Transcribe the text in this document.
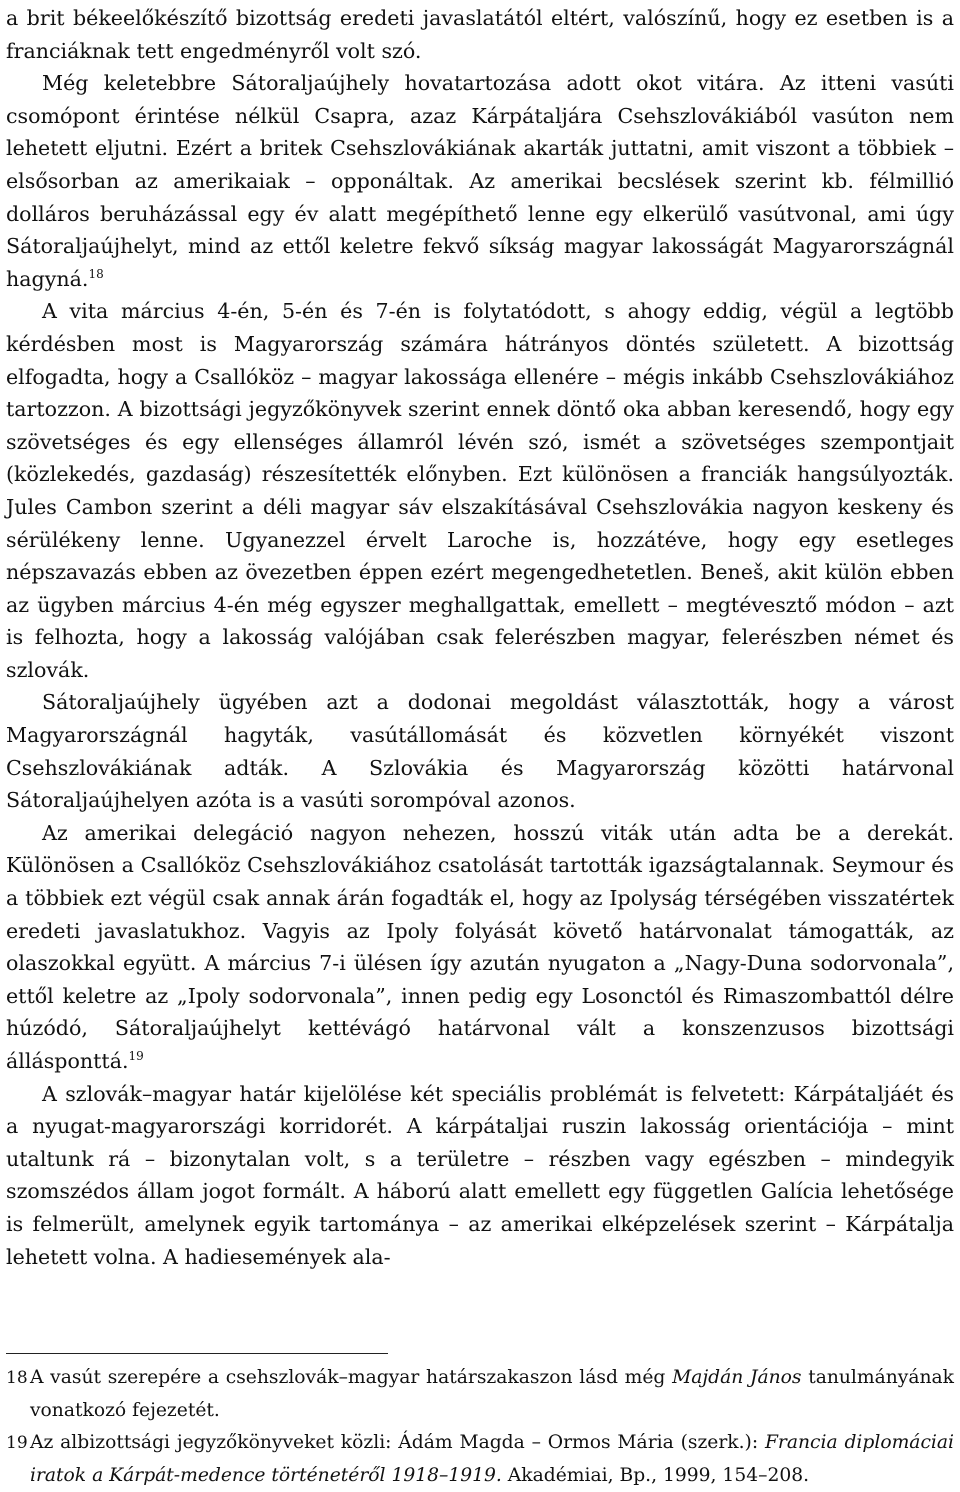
a brit békeelőkészítő bizottság eredeti javaslatától eltért, valószínű, hogy ez esetben is a franciáknak tett engedményről volt szó.

Még keletebbre Sátoraljaújhely hovatartozása adott okot vitára. Az itteni vasúti csomópont érintése nélkül Csapra, azaz Kárpátaljára Csehszlovákiából vasúton nem lehetett eljutni. Ezért a britek Csehszlovákiának akarták juttatni, amit viszont a többiek – elsősorban az amerikaiak – opponáltak. Az amerikai becslések szerint kb. félmillió dolláros beruházással egy év alatt megépíthető lenne egy elkerülő vasútvonal, ami úgy Sátoraljaújhelyt, mind az ettől keletre fekvő síkság magyar lakosságát Magyarországnál hagyná.$^{18}$

A vita március 4-én, 5-én és 7-én is folytatódott, s ahogy eddig, végül a legtöbb kérdésben most is Magyarország számára hátrányos döntés született. A bizottság elfogadta, hogy a Csallóköz – magyar lakossága ellenére – mégis inkább Csehszlovákiához tartozzon. A bizottsági jegyzőkönyvek szerint ennek döntő oka abban keresendő, hogy egy szövetséges és egy ellenséges államról lévén szó, ismét a szövetséges szempontjait (közlekedés, gazdaság) részesítették előnyben. Ezt különösen a franciák hangsúlyozták. Jules Cambon szerint a déli magyar sáv elszakításával Csehszlovákia nagyon keskeny és sérülékeny lenne. Ugyanezzel érvelt Laroche is, hozzátéve, hogy egy esetleges népszavazás ebben az övezetben éppen ezért megengedhetetlen. Beneš, akit külön ebben az ügyben március 4-én még egyszer meghallgattak, emellett – megtévesztő módon – azt is felhozta, hogy a lakosság valójában csak felerészben magyar, felerészben német és szlovák.

Sátoraljaújhely ügyében azt a dodonai megoldást választották, hogy a várost Magyarországnál hagyták, vasútállomását és közvetlen környékét viszont Csehszlovákiának adták. A Szlovákia és Magyarország közötti határvonal Sátoraljaújhelyen azóta is a vasúti sorompóval azonos.

Az amerikai delegáció nagyon nehezen, hosszú viták után adta be a derekát. Különösen a Csallóköz Csehszlovákiához csatolását tartották igazságtalannak. Seymour és a többiek ezt végül csak annak árán fogadták el, hogy az Ipolyság térségében visszatértek eredeti javaslatukhoz. Vagyis az Ipoly folyását követő határvonalat támogatták, az olaszokkal együtt. A március 7-i ülésen így azután nyugaton a „Nagy-Duna sodorvonala”, ettől keletre az „Ipoly sodorvonala”, innen pedig egy Losonctól és Rimaszombattól délre húzódó, Sátoraljaújhelyt kettévágó határvonal vált a konszenzusos bizottsági állásponttá.$^{19}$

A szlovák–magyar határ kijelölése két speciális problémát is felvetett: Kárpátaljáét és a nyugat-magyarországi korridorét. A kárpátaljai ruszin lakosság orientációja – mint utaltunk rá – bizonytalan volt, s a területre – részben vagy egészben – mindegyik szomszédos állam jogot formált. A háború alatt emellett egy független Galícia lehetősége is felmerült, amelynek egyik tartománya – az amerikai elképzelések szerint – Kárpátalja lehetett volna. A hadiesemények ala-

18 A vasút szerepére a csehszlovák–magyar határszakaszon lásd még Majdán János tanulmányának vonatkozó fejezetét.

19 Az albizottsági jegyzőkönyveket közli: Ádám Magda – Ormos Mária (szerk.): Francia diplomáciai iratok a Kárpát-medence történetéről 1918–1919. Akadémiai, Bp., 1999, 154–208.
